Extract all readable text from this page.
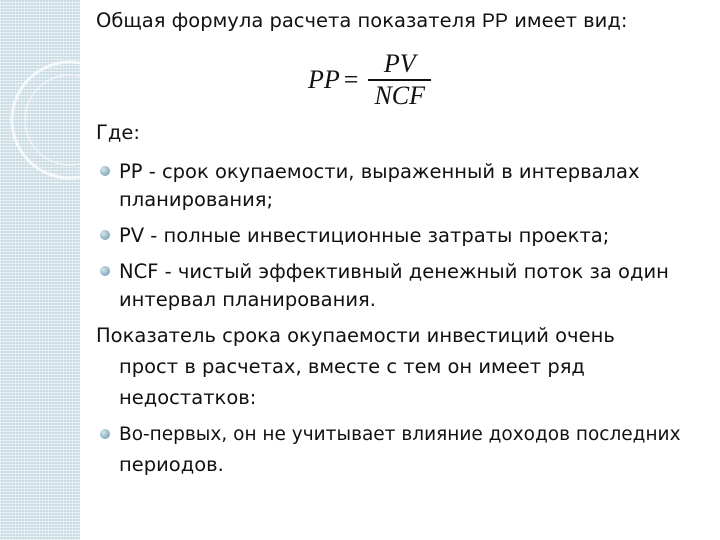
Общая формула расчета показателя PP имеет вид:

PP = $\frac{PV}{\text{NCF}}$

Где:

PP - срок окупаемости, выраженный в интервалах

планирования;

PV - полные инвестиционные затраты проекта;

NCF - чистый эффективный денежный поток за один

интервал планирования.

Показатель срока окупаемости инвестиций очень

прост в расчетах, вместе с тем он имеет ряд

недостатков:

Во-первых, он не учитывает влияние доходов последних

периодов.
